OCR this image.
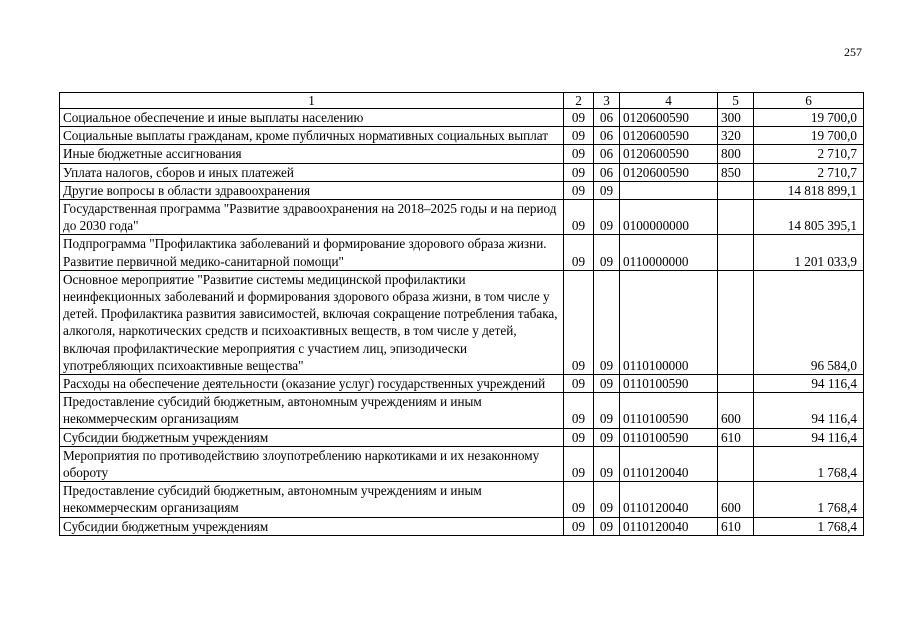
257
1	2	3	4	5	6
Социальное обеспечение и иные выплаты населению	09	06	0120600590	300	19 700,0
Социальные выплаты гражданам, кроме публичных нормативных социальных выплат	09	06	0120600590	320	19 700,0
Иные бюджетные ассигнования	09	06	0120600590	800	2 710,7
Уплата налогов, сборов и иных платежей	09	06	0120600590	850	2 710,7
Другие вопросы в области здравоохранения	09	09			14 818 899,1
Государственная программа "Развитие здравоохранения на 2018–2025 годы и на период до 2030 года"	09	09	0100000000		14 805 395,1
Подпрограмма "Профилактика заболеваний и формирование здорового образа жизни. Развитие первичной медико-санитарной помощи"	09	09	0110000000		1 201 033,9
Основное мероприятие "Развитие системы медицинской профилактики неинфекционных заболеваний и формирования здорового образа жизни, в том числе у детей. Профилактика развития зависимостей, включая сокращение потребления табака, алкоголя, наркотических средств и психоактивных веществ, в том числе у детей, включая профилактические мероприятия с участием лиц, эпизодически употребляющих психоактивные вещества"	09	09	0110100000		96 584,0
Расходы на обеспечение деятельности (оказание услуг) государственных учреждений	09	09	0110100590		94 116,4
Предоставление субсидий бюджетным, автономным учреждениям и иным некоммерческим организациям	09	09	0110100590	600	94 116,4
Субсидии бюджетным учреждениям	09	09	0110100590	610	94 116,4
Мероприятия по противодействию злоупотреблению наркотиками и их незаконному обороту	09	09	0110120040		1 768,4
Предоставление субсидий бюджетным, автономным учреждениям и иным некоммерческим организациям	09	09	0110120040	600	1 768,4
Субсидии бюджетным учреждениям	09	09	0110120040	610	1 768,4
